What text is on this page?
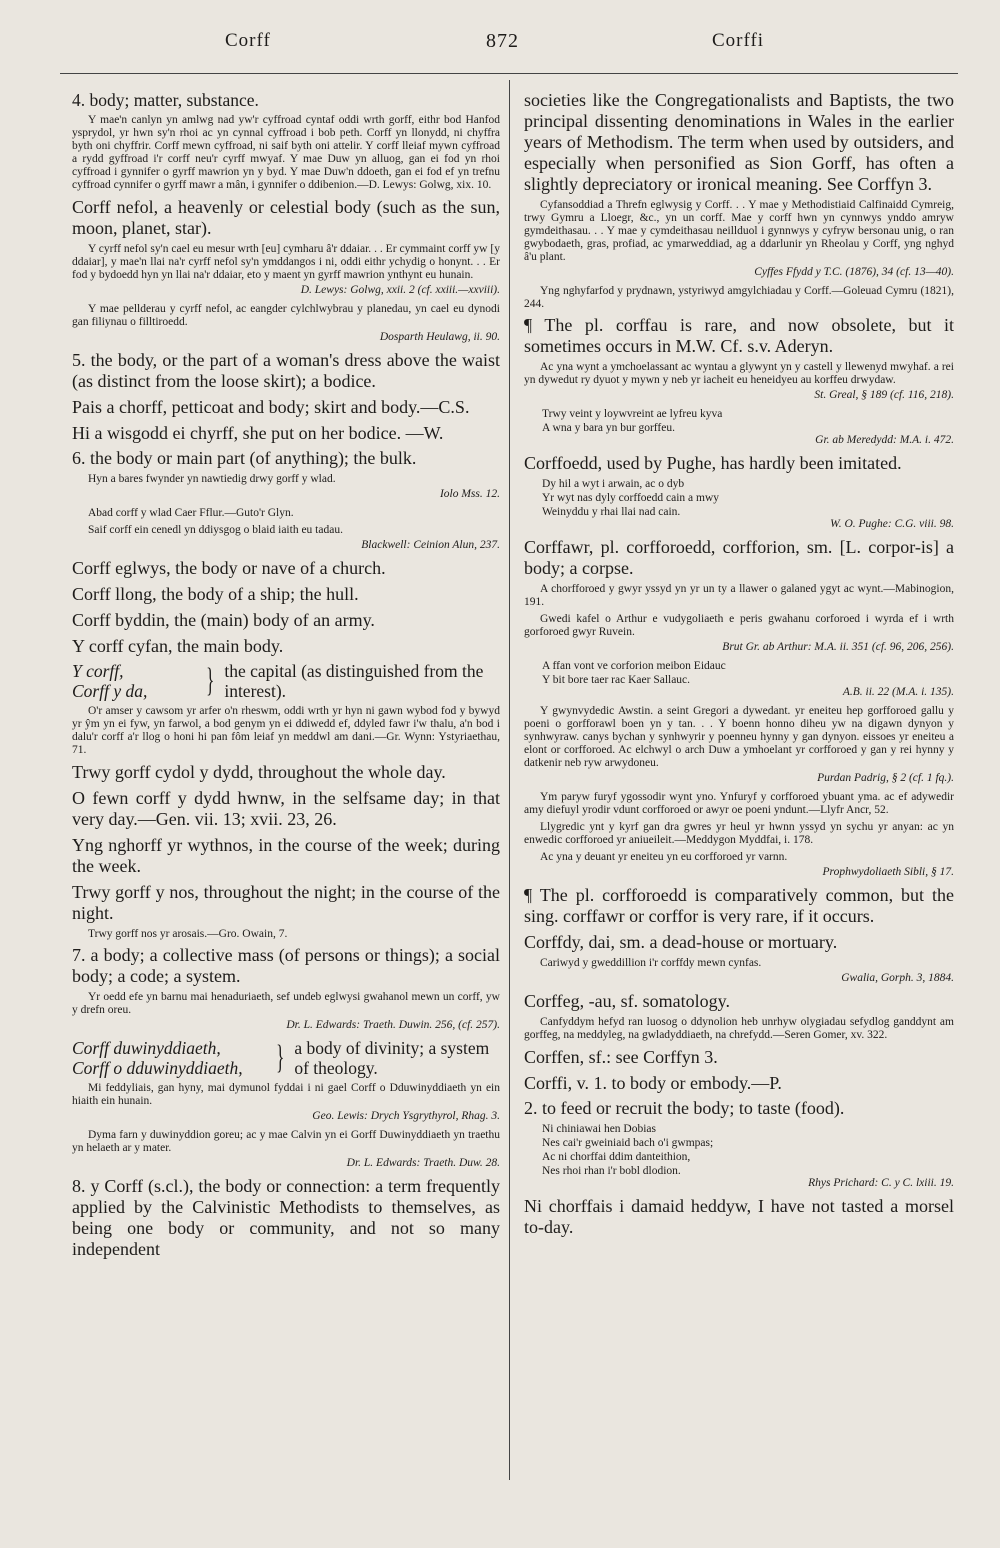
Corff	872	Corffi

4. body; matter, substance.

Y mae'n canlyn yn amlwg nad yw'r cyffroad cyntaf oddi wrth gorff, eithr bod Hanfod ysprydol, yr hwn sy'n rhoi ac yn cynnal cyffroad i bob peth. Corff yn llonydd, ni chyffra byth oni chyffrir. Corff mewn cyffroad, ni saif byth oni attelir. Y corff lleiaf mywn cyffroad a rydd gyffroad i'r corff neu'r cyrff mwyaf. Y mae Duw yn alluog, gan ei fod yn rhoi cyffroad i gynnifer o gyrff mawrion yn y byd. Y mae Duw'n ddoeth, gan ei fod ef yn trefnu cyffroad cynnifer o gyrff mawr a mân, i gynnifer o ddibenion.—D. Lewys: Golwg, xix. 10.

Corff nefol, a heavenly or celestial body (such as the sun, moon, planet, star).

Y cyrff nefol sy'n cael eu mesur wrth [eu] cymharu â'r ddaiar. . . Er cymmaint corff yw [y ddaiar], y mae'n llai na'r cyrff nefol sy'n ymddangos i ni, oddi eithr ychydig o honynt. . . Er fod y bydoedd hyn yn llai na'r ddaiar, eto y maent yn gyrff mawrion ynthynt eu hunain.

D. Lewys: Golwg, xxii. 2 (cf. xxiii.—xxviii).

Y mae pellderau y cyrff nefol, ac eangder cylchlwybrau y planedau, yn cael eu dynodi gan filiynau o filltiroedd.

Dosparth Heulawg, ii. 90.

5. the body, or the part of a woman's dress above the waist (as distinct from the loose skirt); a bodice.

Pais a chorff, petticoat and body; skirt and body.—C.S.

Hi a wisgodd ei chyrff, she put on her bodice. —W.

6. the body or main part (of anything); the bulk.

Hyn a bares fwynder yn nawtiedig drwy gorff y wlad.

Iolo Mss. 12.

Abad corff y wlad Caer Fflur.—Guto'r Glyn.

Saif corff ein cenedl yn ddiysgog o blaid iaith eu tadau.

Blackwell: Ceinion Alun, 237.

Corff eglwys, the body or nave of a church.

Corff llong, the body of a ship; the hull.

Corff byddin, the (main) body of an army.

Y corff cyfan, the main body.

Y corff,
Corff y da,	} the capital (as distinguished from the interest).

O'r amser y cawsom yr arfer o'n rheswm, oddi wrth yr hyn ni gawn wybod fod y bywyd yr ŷm yn ei fyw, yn farwol, a bod genym yn ei ddiwedd ef, ddyled fawr i'w thalu, a'n bod i dalu'r corff a'r llog o honi hi pan fôm leiaf yn meddwl am dani.—Gr. Wynn: Ystyriaethau, 71.

Trwy gorff cydol y dydd, throughout the whole day.

O fewn corff y dydd hwnw, in the selfsame day; in that very day.—Gen. vii. 13; xvii. 23, 26.

Yng nghorff yr wythnos, in the course of the week; during the week.

Trwy gorff y nos, throughout the night; in the course of the night.

Trwy gorff nos yr arosais.—Gro. Owain, 7.

7. a body; a collective mass (of persons or things); a social body; a code; a system.

Yr oedd efe yn barnu mai henaduriaeth, sef undeb eglwysi gwahanol mewn un corff, yw y drefn oreu.

Dr. L. Edwards: Traeth. Duwin. 256, (cf. 257).

Corff duwinyddiaeth,
Corff o dduwinyddiaeth, } a body of divinity; a system of theology.

Mi feddyliais, gan hyny, mai dymunol fyddai i ni gael Corff o Dduwinyddiaeth yn ein hiaith ein hunain.

Geo. Lewis: Drych Ysgrythyrol, Rhag. 3.

Dyma farn y duwinyddion goreu; ac y mae Calvin yn ei Gorff Duwinyddiaeth yn traethu yn helaeth ar y mater.

Dr. L. Edwards: Traeth. Duw. 28.

8. y Corff (s.cl.), the body or connection: a term frequently applied by the Calvinistic Methodists to themselves, as being one body or community, and not so many independent

societies like the Congregationalists and Baptists, the two principal dissenting denominations in Wales in the earlier years of Methodism. The term when used by outsiders, and especially when personified as Sion Gorff, has often a slightly depreciatory or ironical meaning. See Corffyn 3.

Cyfansoddiad a Threfn eglwysig y Corff. . . Y mae y Methodistiaid Calfinaidd Cymreig, trwy Gymru a Lloegr, &c., yn un corff. Mae y corff hwn yn cynnwys ynddo amryw gymdeithasau. . . Y mae y cymdeithasau neillduol i gynnwys y cyfryw bersonau unig, o ran gwybodaeth, gras, profiad, ac ymarweddiad, ag a ddarlunir yn Rheolau y Corff, yng nghyd â'u plant.

Cyffes Ffydd y T.C. (1876), 34 (cf. 13—40).

Yng nghyfarfod y prydnawn, ystyriwyd amgylchiadau y Corff.—Goleuad Cymru (1821), 244.

¶ The pl. corffau is rare, and now obsolete, but it sometimes occurs in M.W. Cf. s.v. Aderyn.

Ac yna wynt a ymchoelassant ac wyntau a glywynt yn y castell y llewenyd mwyhaf. a rei yn dywedut ry dyuot y mywn y neb yr iacheit eu heneidyeu au korffeu drwydaw.

St. Greal, § 189 (cf. 116, 218).

Trwy veint y loywvreint ae lyfreu kyva

A wna y bara yn bur gorffeu.

Gr. ab Meredydd: M.A. i. 472.

Corffoedd, used by Pughe, has hardly been imitated.

Dy hil a wyt i arwain, ac o dyb

Yr wyt nas dyly corffoedd cain a mwy

Weinyddu y rhai llai nad cain.

W. O. Pughe: C.G. viii. 98.

Corffawr, pl. corfforoedd, corfforion, sm. [L. corpor-is] a body; a corpse.

A chorfforoed y gwyr yssyd yn yr un ty a llawer o galaned ygyt ac wynt.—Mabinogion, 191.

Gwedi kafel o Arthur e vudygoliaeth e peris gwahanu corforoed i wyrda ef i wrth gorforoed gwyr Ruvein.

Brut Gr. ab Arthur: M.A. ii. 351 (cf. 96, 206, 256).

A ffan vont ve corforion meibon Eidauc

Y bit bore taer rac Kaer Sallauc.

A.B. ii. 22 (M.A. i. 135).

Y gwynvydedic Awstin. a seint Gregori a dywedant. yr eneiteu hep gorfforoed gallu y poeni o gorfforawl boen yn y tan. . . Y boenn honno diheu yw na digawn dynyon y synhwyraw. canys bychan y synhwyrir y poenneu hynny y gan dynyon. eissoes yr eneiteu a elont or corfforoed. Ac elchwyl o arch Duw a ymhoelant yr corfforoed y gan y rei hynny y datkenir neb ryw arwydoneu.

Purdan Padrig, § 2 (cf. 1 fq.).

Ym paryw furyf ygossodir wynt yno. Ynfuryf y corfforoed ybuant yma. ac ef adywedir amy diefuyl yrodir vdunt corfforoed or awyr oe poeni yndunt.—Llyfr Ancr, 52.

Llygredic ynt y kyrf gan dra gwres yr heul yr hwnn yssyd yn sychu yr anyan: ac yn enwedic corfforoed yr aniueileit.—Meddygon Myddfai, i. 178.

Ac yna y deuant yr eneiteu yn eu corfforoed yr varnn.

Prophwydoliaeth Sibli, § 17.

¶ The pl. corfforoedd is comparatively common, but the sing. corffawr or corffor is very rare, if it occurs.

Corffdy, dai, sm. a dead-house or mortuary.

Cariwyd y gweddillion i'r corffdy mewn cynfas.

Gwalia, Gorph. 3, 1884.

Corffeg, -au, sf. somatology.

Canfyddym hefyd ran luosog o ddynolion heb unrhyw olygiadau sefydlog ganddynt am gorffeg, na meddyleg, na gwladyddiaeth, na chrefydd.—Seren Gomer, xv. 322.

Corffen, sf.: see Corffyn 3.

Corffi, v. 1. to body or embody.—P.

2. to feed or recruit the body; to taste (food).

Ni chiniawai hen Dobias

Nes cai'r gweiniaid bach o'i gwmpas;

Ac ni chorffai ddim danteithion,

Nes rhoi rhan i'r bobl dlodion.

Rhys Prichard: C. y C. lxiii. 19.

Ni chorffais i damaid heddyw, I have not tasted a morsel to-day.
